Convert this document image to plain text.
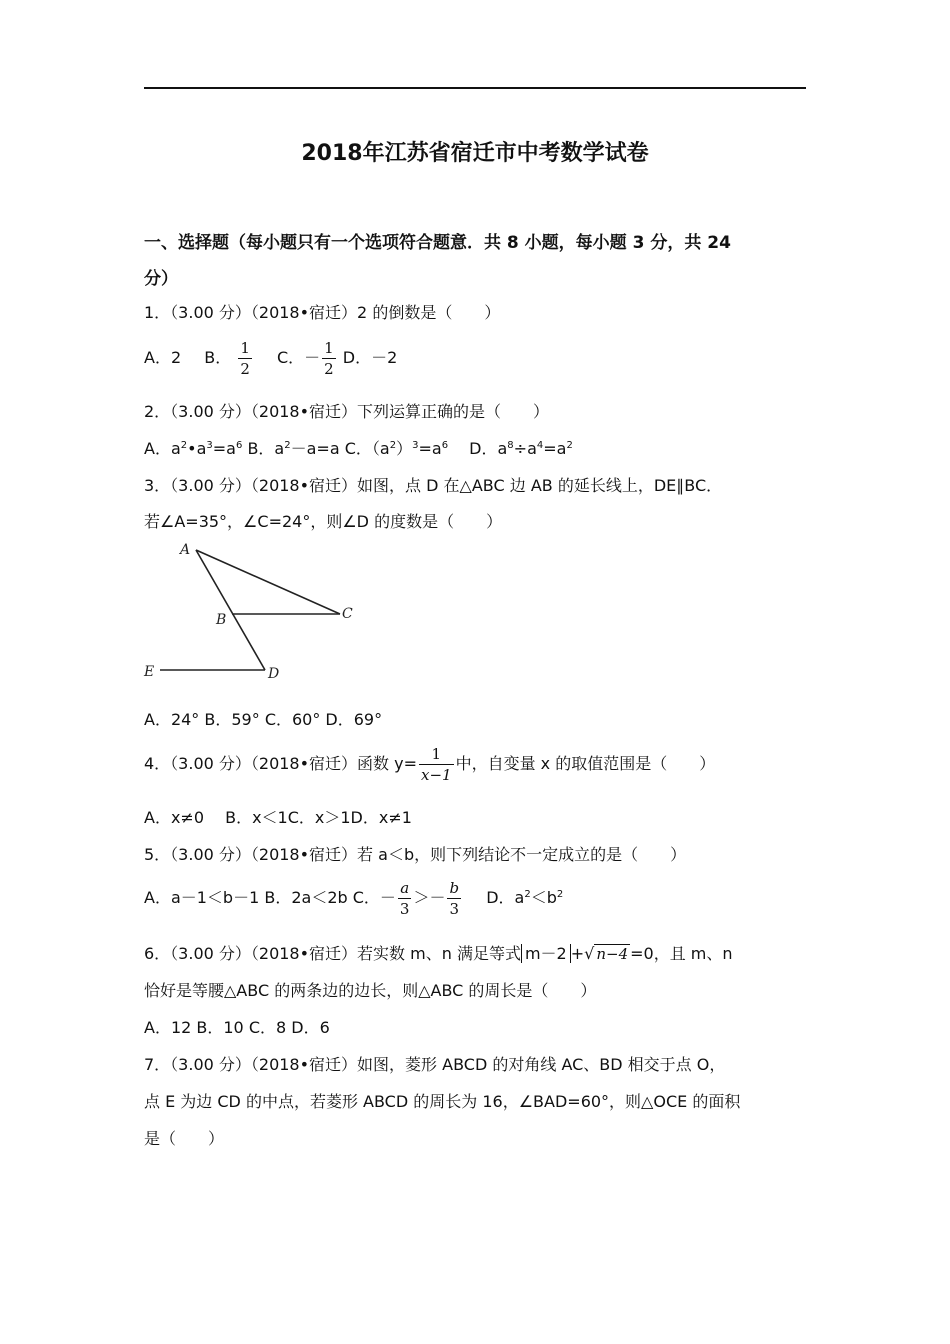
2018年江苏省宿迁市中考数学试卷
一、选择题（每小题只有一个选项符合题意．共 8 小题，每小题 3 分，共 24
分）
1．（3.00 分）（2018•宿迁）2 的倒数是（　　）
A．2 B． $\frac{1}{2}$ C．－ $\frac{1}{2}$ D．－2
2．（3.00 分）（2018•宿迁）下列运算正确的是（　　）
A．$a^2•a^3=a^6$ B．$a^2-a=a$ C．$(a^2)^3=a^6$　 D．$a^8\div a^4=a^2$
3．（3.00 分）（2018•宿迁）如图，点 D 在△ABC 边 AB 的延长线上，DE∥BC．
若∠A=35°，∠C=24°，则∠D 的度数是（　　）
A
B	C
D
E
A．24° B．59° C．60° D．69°
4．（3.00 分）（2018•宿迁）函数 $y= \frac{1}{x-1}$ 中，自变量 x 的取值范围是（　　）
A．x≠0　 B．x＜1C．x＞1D．x≠1
5．（3.00 分）（2018•宿迁）若 a＜b，则下列结论不一定成立的是（　　）
A．a－1＜b－1 B．2a＜2b C．－ $\frac{a}{3} >- \frac{b}{3}$ D．$a^2<b^2$
6．（3.00 分）（2018•宿迁）若实数 m、n 满足等式 m－2 +√ n−4 =0，且 m、n
恰好是等腰△ABC 的两条边的边长，则△ABC 的周长是（　　）
A．12 B．10 C．8 D．6
7．（3.00 分）（2018•宿迁）如图，菱形 ABCD 的对角线 AC、BD 相交于点 O，
点 E 为边 CD 的中点，若菱形 ABCD 的周长为 16，∠BAD=60°，则△OCE 的面积
是（　　）
